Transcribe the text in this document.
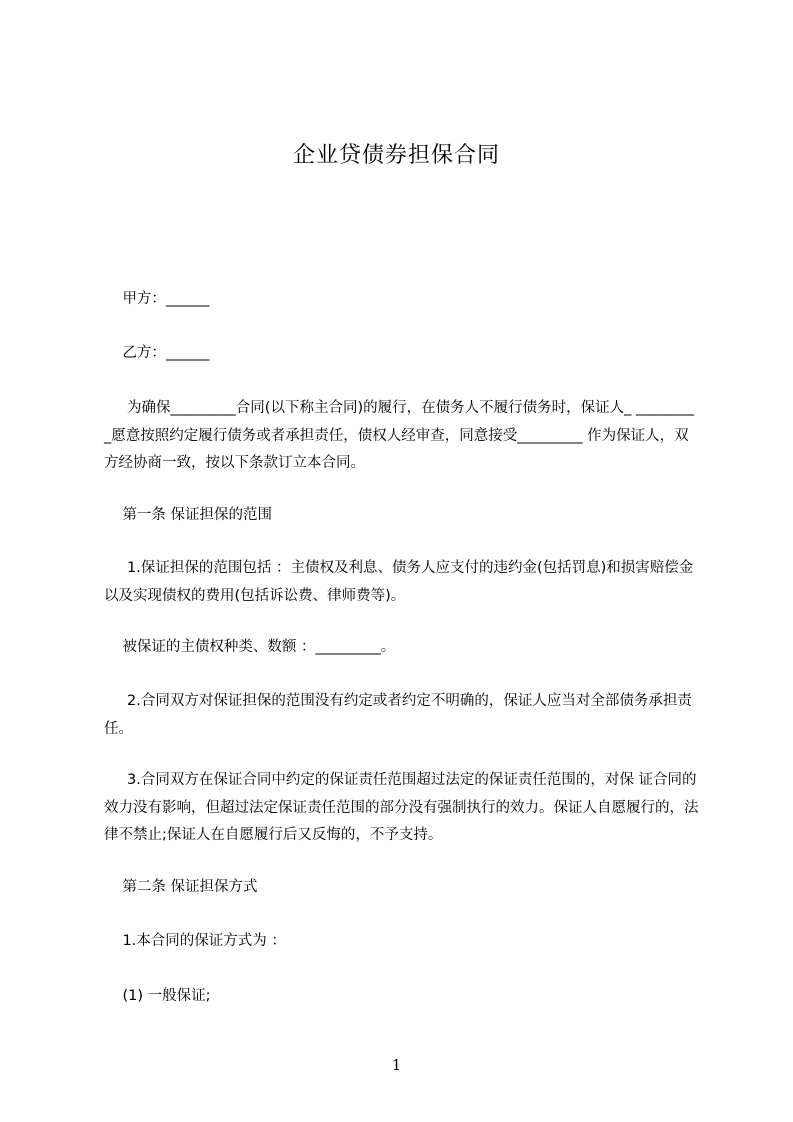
企业贷债券担保合同
甲方：______
乙方：______
为确保_________合同(以下称主合同)的履行，在债务人不履行债务时，保证人_ _________愿意按照约定履行债务或者承担责任，债权人经审查，同意接受_________ 作为保证人，双方经协商一致，按以下条款订立本合同。
第一条 保证担保的范围
1.保证担保的范围包括 ：主债权及利息、债务人应支付的违约金(包括罚息)和损害赔偿金以及实现债权的费用(包括诉讼费、律师费等)。
被保证的主债权种类、数额 ：_________。
2.合同双方对保证担保的范围没有约定或者约定不明确的，保证人应当对全部债务承担责任。
3.合同双方在保证合同中约定的保证责任范围超过法定的保证责任范围的，对保 证合同的效力没有影响，但超过法定保证责任范围的部分没有强制执行的效力。保证人自愿履行的，法律不禁止;保证人在自愿履行后又反悔的，不予支持。
第二条 保证担保方式
1.本合同的保证方式为 ：
(1) 一般保证;
1
